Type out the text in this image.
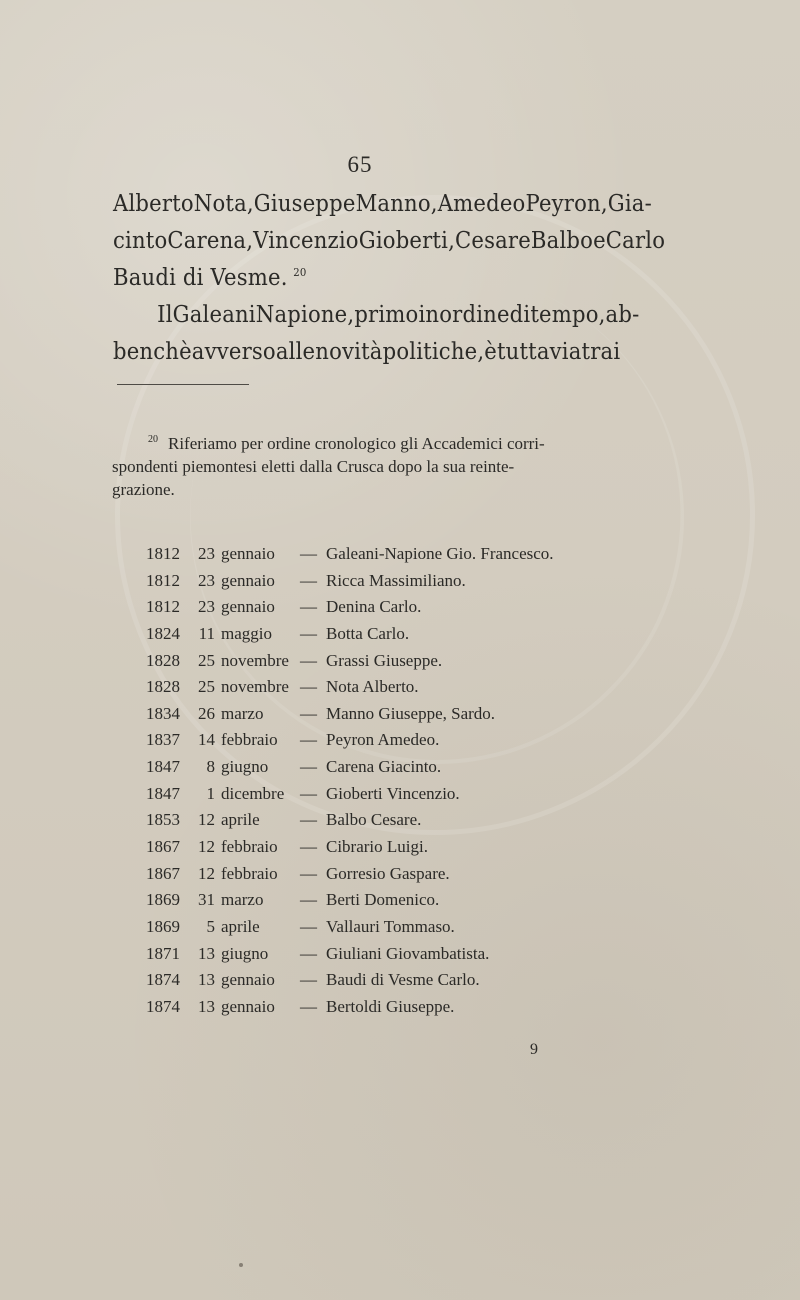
65
Alberto Nota, Giuseppe Manno, Amedeo Peyron, Gia-
cinto Carena, Vincenzio Gioberti, Cesare Balbo e Carlo
Baudi di Vesme. $^{20}$
Il Galeani Napione, primo in ordine di tempo, ab-
benchè avverso alle novità politiche, è tuttavia tra i
$^{20}$ Riferiamo per ordine cronologico gli Accademici corri-
spondenti piemontesi eletti dalla Crusca dopo la sua reinte-
grazione.
1812	23 gennaio — Galeani-Napione Gio. Francesco.
1812	23 gennaio — Ricca Massimiliano.
1812	23 gennaio — Denina Carlo.
1824	11 maggio — Botta Carlo.
1828	25 novembre — Grassi Giuseppe.
1828	25 novembre — Nota Alberto.
1834	26 marzo — Manno Giuseppe, Sardo.
1837	14 febbraio — Peyron Amedeo.
1847	8 giugno — Carena Giacinto.
1847	1 dicembre — Gioberti Vincenzio.
1853	12 aprile — Balbo Cesare.
1867	12 febbraio — Cibrario Luigi.
1867	12 febbraio — Gorresio Gaspare.
1869	31 marzo — Berti Domenico.
1869	5 aprile — Vallauri Tommaso.
1871	13 giugno — Giuliani Giovambatista.
1874	13 gennaio — Baudi di Vesme Carlo.
1874	13 gennaio — Bertoldi Giuseppe.
9
